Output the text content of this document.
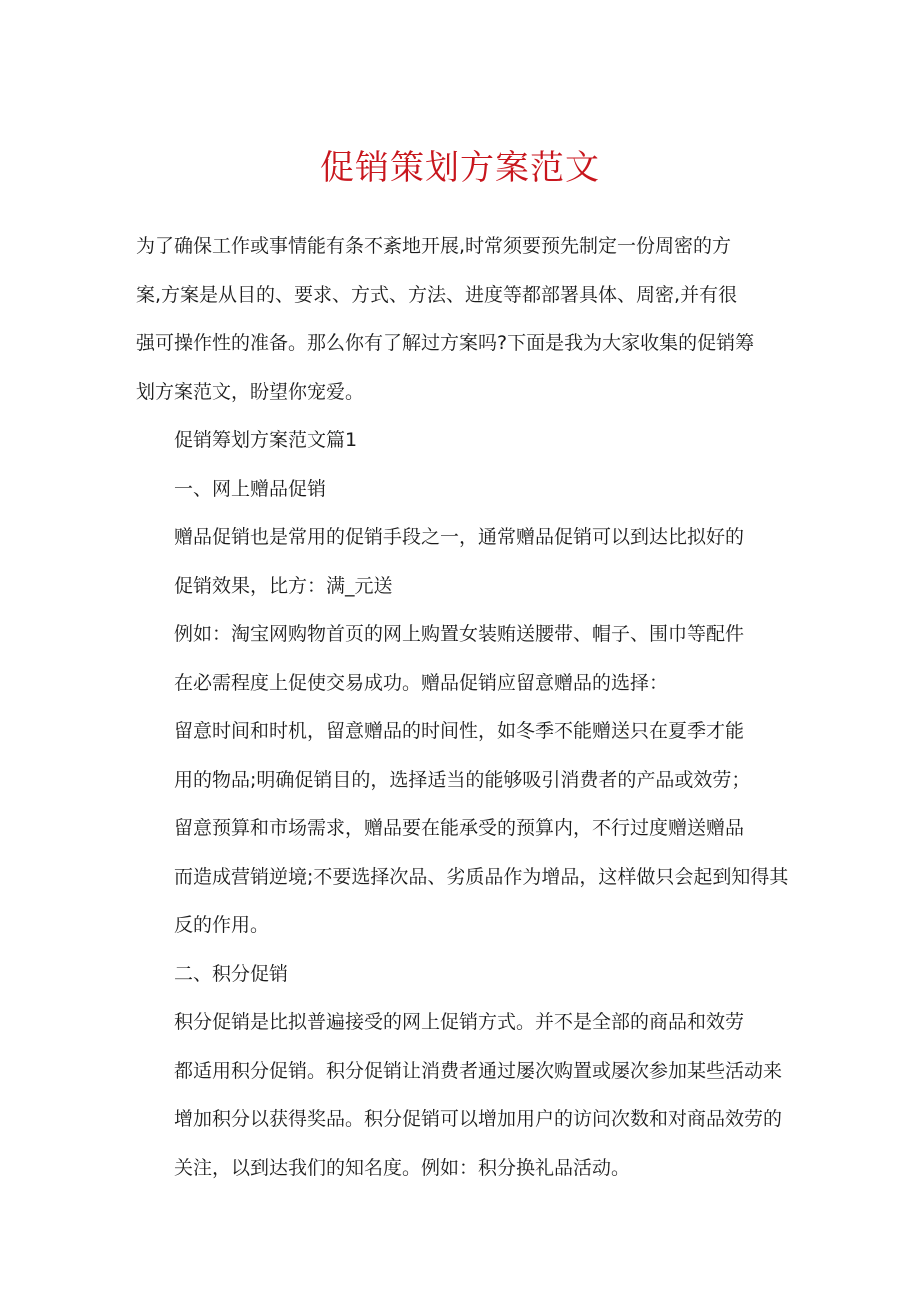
促销策划方案范文

为了确保工作或事情能有条不紊地开展,时常须要预先制定一份周密的方
案,方案是从目的、要求、方式、方法、进度等都部署具体、周密,并有很
强可操作性的准备。那么你有了解过方案吗?下面是我为大家收集的促销筹
划方案范文，盼望你宠爱。

促销筹划方案范文篇1

一、网上赠品促销

赠品促销也是常用的促销手段之一，通常赠品促销可以到达比拟好的
促销效果，比方：满_元送

例如：淘宝网购物首页的网上购置女装贿送腰带、帽子、围巾等配件
在必需程度上促使交易成功。赠品促销应留意赠品的选择：

留意时间和时机，留意赠品的时间性，如冬季不能赠送只在夏季才能
用的物品;明确促销目的，选择适当的能够吸引消费者的产品或效劳；

留意预算和市场需求，赠品要在能承受的预算内，不行过度赠送赠品
而造成营销逆境;不要选择次品、劣质品作为增品，这样做只会起到知得其
反的作用。

二、积分促销

积分促销是比拟普遍接受的网上促销方式。并不是全部的商品和效劳
都适用积分促销。积分促销让消费者通过屡次购置或屡次参加某些活动来
增加积分以获得奖品。积分促销可以增加用户的访问次数和对商品效劳的
关注，以到达我们的知名度。例如：积分换礼品活动。
